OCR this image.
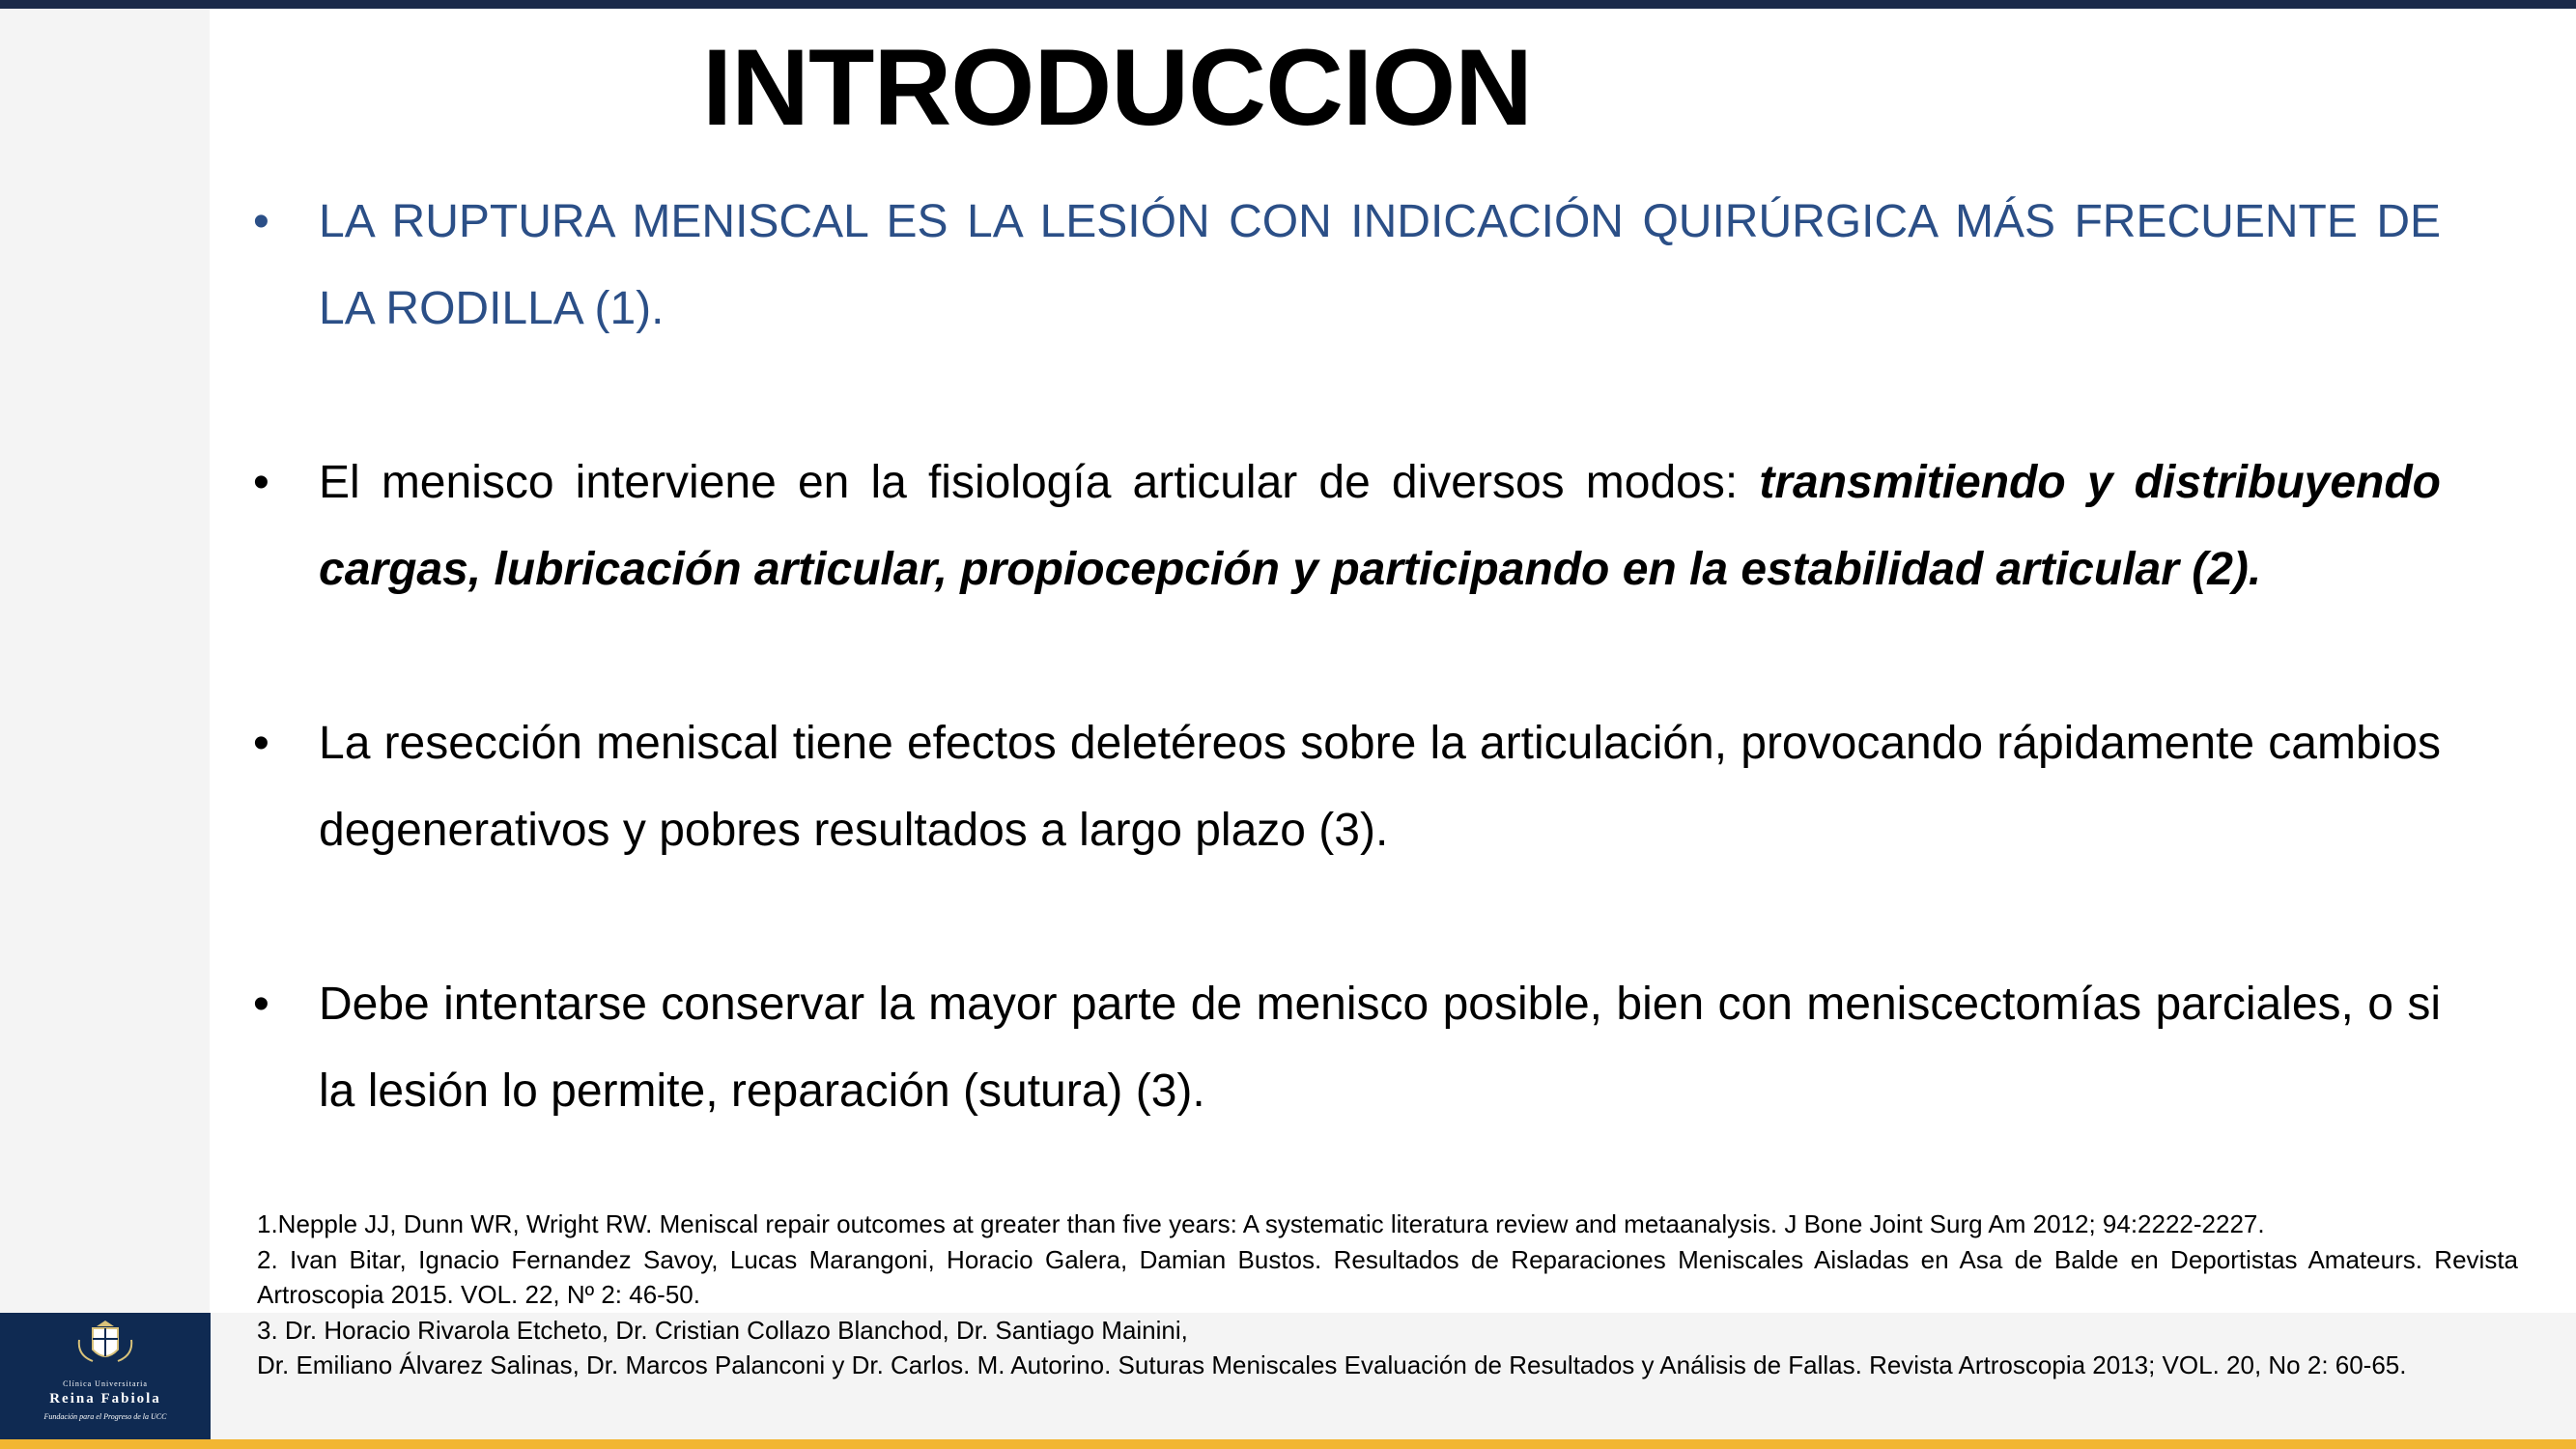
Clínica Universitaria
Reina Fabiola
Fundación para el Progreso de la UCC
INTRODUCCION
• LA RUPTURA MENISCAL ES LA LESIÓN CON INDICACIÓN QUIRÚRGICA MÁS FRECUENTE DE LA RODILLA (1).
• El menisco interviene en la fisiología articular de diversos modos: transmitiendo y distribuyendo cargas, lubricación articular, propiocepción y participando en la estabilidad articular (2).
• La resección meniscal tiene efectos deletéreos sobre la articulación, provocando rápidamente cambios degenerativos y pobres resultados a largo plazo (3).
• Debe intentarse conservar la mayor parte de menisco posible, bien con meniscectomías parciales, o si la lesión lo permite, reparación (sutura) (3).

1.Nepple JJ, Dunn WR, Wright RW. Meniscal repair outcomes at greater than five years: A systematic literatura review and metaanalysis. J Bone Joint Surg Am 2012; 94:2222-2227.

2. Ivan Bitar, Ignacio Fernandez Savoy, Lucas Marangoni, Horacio Galera, Damian Bustos. Resultados de Reparaciones Meniscales Aisladas en Asa de Balde en Deportistas Amateurs. Revista Artroscopia 2015. VOL. 22, Nº 2: 46-50.

3. Dr. Horacio Rivarola Etcheto, Dr. Cristian Collazo Blanchod, Dr. Santiago Mainini,

Dr. Emiliano Álvarez Salinas, Dr. Marcos Palanconi y Dr. Carlos. M. Autorino. Suturas Meniscales Evaluación de Resultados y Análisis de Fallas. Revista Artroscopia 2013; VOL. 20, No 2: 60-65.
